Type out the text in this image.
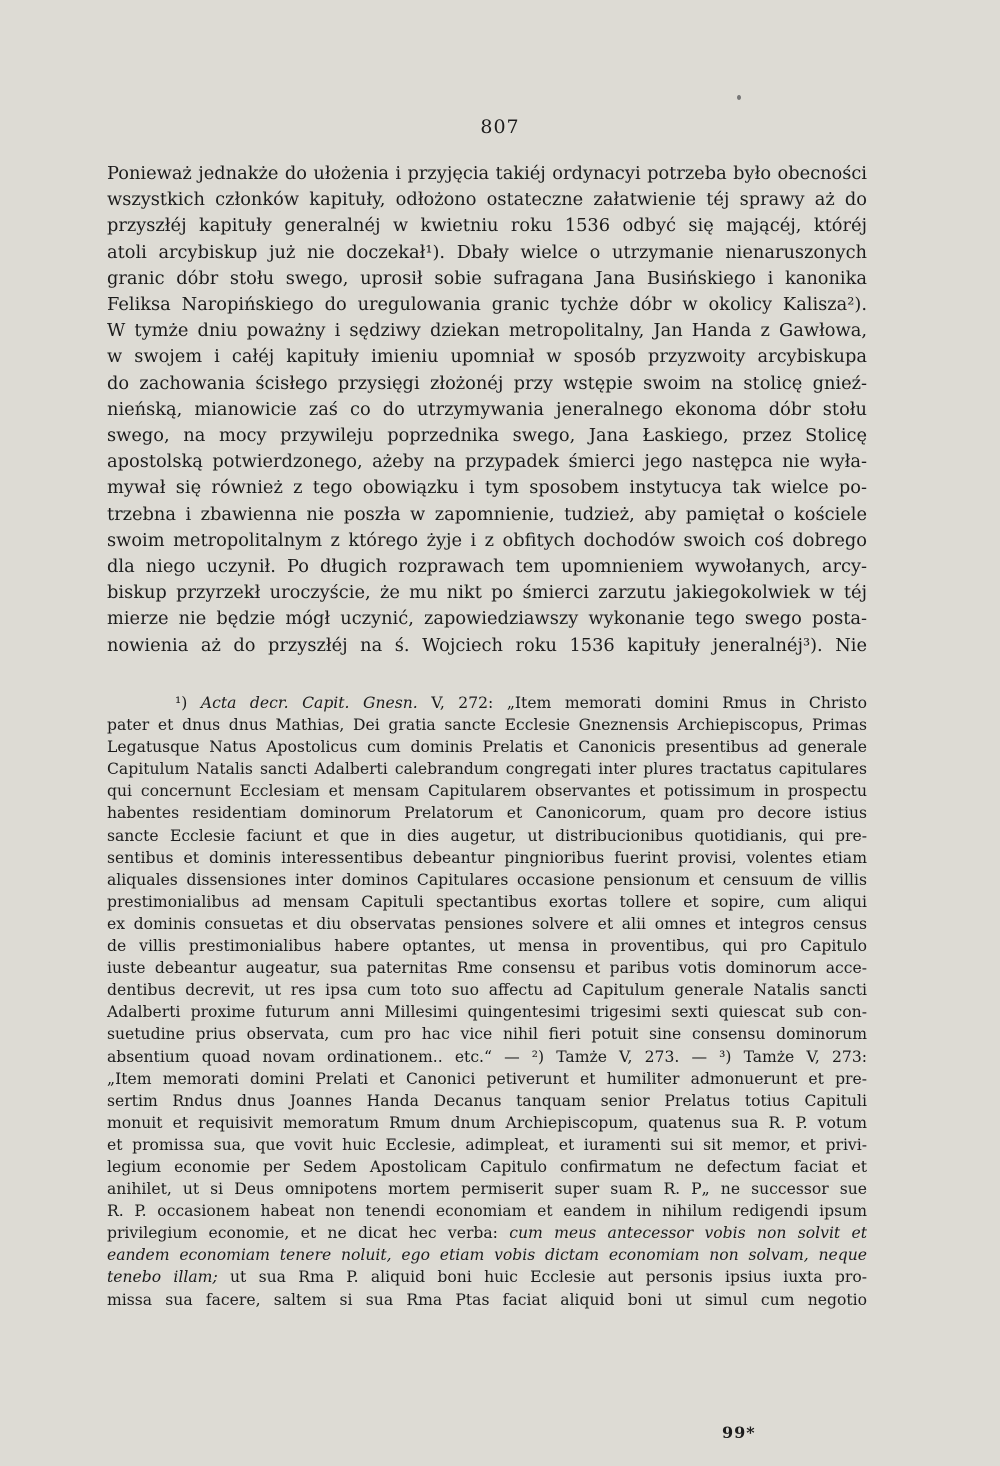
807
Ponieważ jednakże do ułożenia i przyjęcia takiéj ordynacyi potrzeba było obecności
wszystkich członków kapituły, odłożono ostateczne załatwienie téj sprawy aż do
przyszłéj kapituły generalnéj w kwietniu roku 1536 odbyć się mającéj, któréj
atoli arcybiskup już nie doczekał¹). Dbały wielce o utrzymanie nienaruszonych
granic dóbr stołu swego, uprosił sobie sufragana Jana Busińskiego i kanonika
Feliksa Naropińskiego do uregulowania granic tychże dóbr w okolicy Kalisza²).
W tymże dniu poważny i sędziwy dziekan metropolitalny, Jan Handa z Gawłowa,
w swojem i całéj kapituły imieniu upomniał w sposób przyzwoity arcybiskupa
do zachowania ścisłego przysięgi złożonéj przy wstępie swoim na stolicę gnieź-
nieńską, mianowicie zaś co do utrzymywania jeneralnego ekonoma dóbr stołu
swego, na mocy przywileju poprzednika swego, Jana Łaskiego, przez Stolicę
apostolską potwierdzonego, ażeby na przypadek śmierci jego następca nie wyła-
mywał się również z tego obowiązku i tym sposobem instytucya tak wielce po-
trzebna i zbawienna nie poszła w zapomnienie, tudzież, aby pamiętał o kościele
swoim metropolitalnym z którego żyje i z obfitych dochodów swoich coś dobrego
dla niego uczynił. Po długich rozprawach tem upomnieniem wywołanych, arcy-
biskup przyrzekł uroczyście, że mu nikt po śmierci zarzutu jakiegokolwiek w téj
mierze nie będzie mógł uczynić, zapowiedziawszy wykonanie tego swego posta-
nowienia aż do przyszłéj na ś. Wojciech roku 1536 kapituły jeneralnéj³). Nie
¹) Acta decr. Capit. Gnesn. V, 272: „Item memorati domini Rmus in Christo
pater et dnus dnus Mathias, Dei gratia sancte Ecclesie Gneznensis Archiepiscopus, Primas
Legatusque Natus Apostolicus cum dominis Prelatis et Canonicis presentibus ad generale
Capitulum Natalis sancti Adalberti calebrandum congregati inter plures tractatus capitulares
qui concernunt Ecclesiam et mensam Capitularem observantes et potissimum in prospectu
habentes residentiam dominorum Prelatorum et Canonicorum, quam pro decore istius
sancte Ecclesie faciunt et que in dies augetur, ut distribucionibus quotidianis, qui pre-
sentibus et dominis interessentibus debeantur pingnioribus fuerint provisi, volentes etiam
aliquales dissensiones inter dominos Capitulares occasione pensionum et censuum de villis
prestimonialibus ad mensam Capituli spectantibus exortas tollere et sopire, cum aliqui
ex dominis consuetas et diu observatas pensiones solvere et alii omnes et integros census
de villis prestimonialibus habere optantes, ut mensa in proventibus, qui pro Capitulo
iuste debeantur augeatur, sua paternitas Rme consensu et paribus votis dominorum acce-
dentibus decrevit, ut res ipsa cum toto suo affectu ad Capitulum generale Natalis sancti
Adalberti proxime futurum anni Millesimi quingentesimi trigesimi sexti quiescat sub con-
suetudine prius observata, cum pro hac vice nihil fieri potuit sine consensu dominorum
absentium quoad novam ordinationem.. etc.“ — ²) Tamże V, 273. — ³) Tamże V, 273:
„Item memorati domini Prelati et Canonici petiverunt et humiliter admonuerunt et pre-
sertim Rndus dnus Joannes Handa Decanus tanquam senior Prelatus totius Capituli
monuit et requisivit memoratum Rmum dnum Archiepiscopum, quatenus sua R. P. votum
et promissa sua, que vovit huic Ecclesie, adimpleat, et iuramenti sui sit memor, et privi-
legium economie per Sedem Apostolicam Capitulo confirmatum ne defectum faciat et
anihilet, ut si Deus omnipotens mortem permiserit super suam R. P„ ne successor sue
R. P. occasionem habeat non tenendi economiam et eandem in nihilum redigendi ipsum
privilegium economie, et ne dicat hec verba: cum meus antecessor vobis non solvit et
eandem economiam tenere noluit, ego etiam vobis dictam economiam non solvam, neque
tenebo illam; ut sua Rma P. aliquid boni huic Ecclesie aut personis ipsius iuxta pro-
missa sua facere, saltem si sua Rma Ptas faciat aliquid boni ut simul cum negotio
99*
